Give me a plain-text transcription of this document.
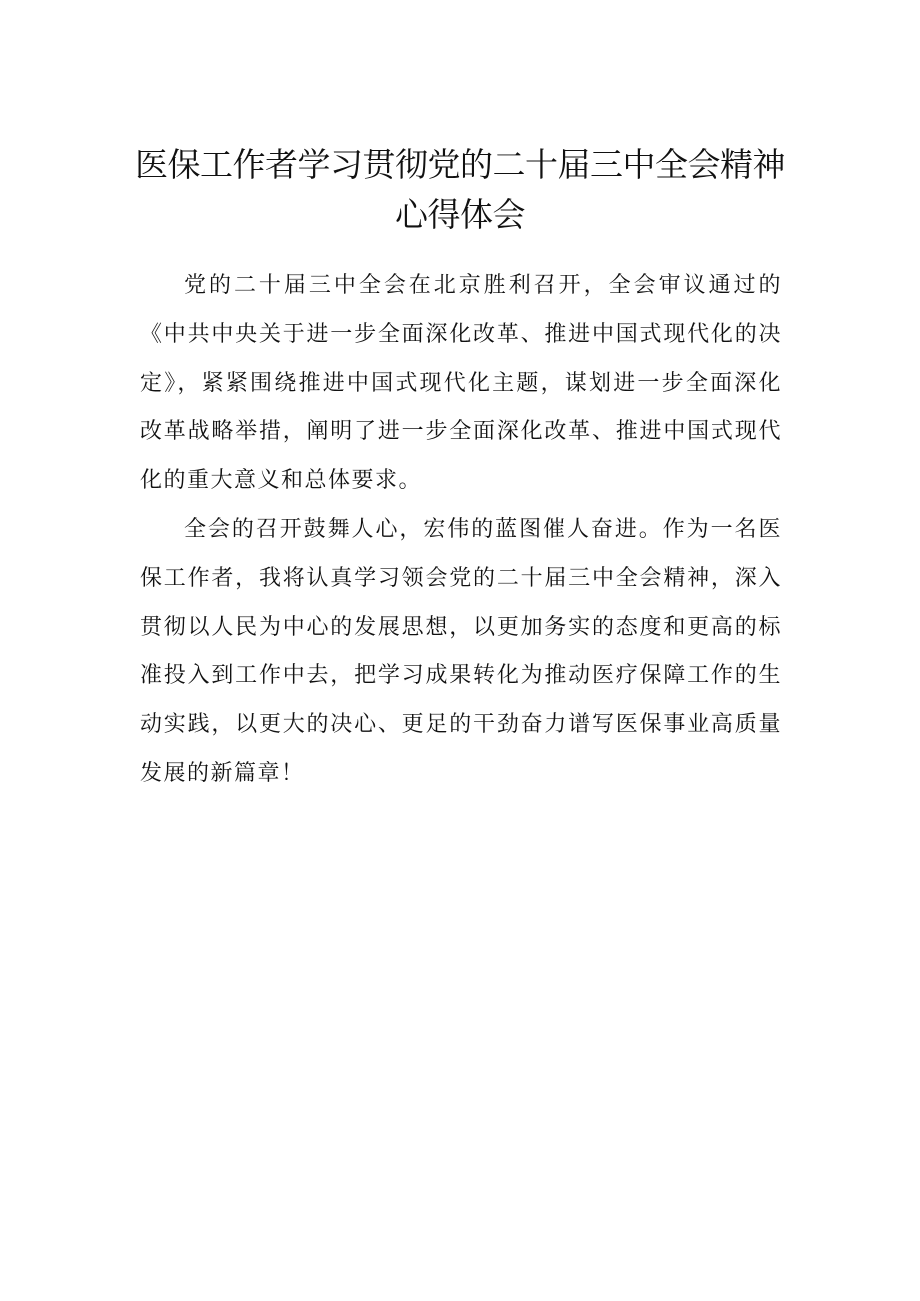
医保工作者学习贯彻党的二十届三中全会精神
心得体会

党的二十届三中全会在北京胜利召开，全会审议通过的《中共中央关于进一步全面深化改革、推进中国式现代化的决定》，紧紧围绕推进中国式现代化主题，谋划进一步全面深化改革战略举措，阐明了进一步全面深化改革、推进中国式现代化的重大意义和总体要求。

全会的召开鼓舞人心，宏伟的蓝图催人奋进。作为一名医保工作者，我将认真学习领会党的二十届三中全会精神，深入贯彻以人民为中心的发展思想，以更加务实的态度和更高的标准投入到工作中去，把学习成果转化为推动医疗保障工作的生动实践，以更大的决心、更足的干劲奋力谱写医保事业高质量发展的新篇章！
